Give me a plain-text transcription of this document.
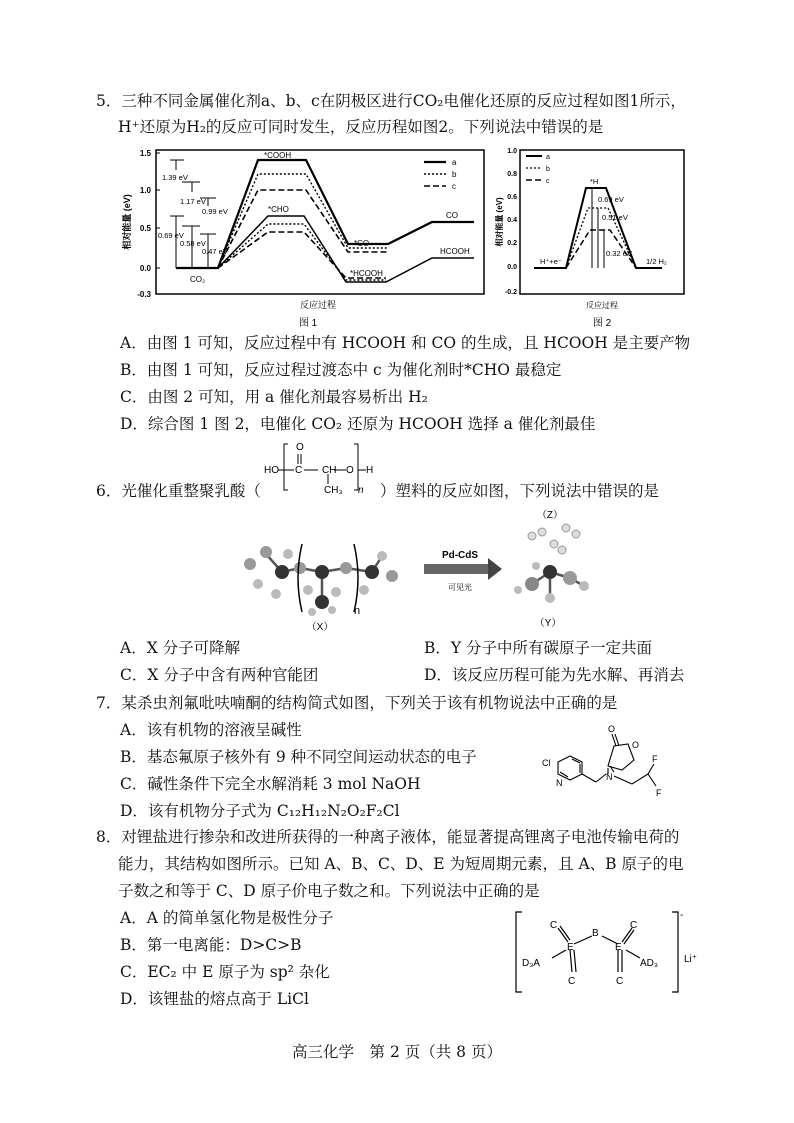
5．三种不同金属催化剂a、b、c在阴极区进行CO₂电催化还原的反应过程如图1所示，
H⁺还原为H₂的反应可同时发生，反应历程如图2。下列说法中错误的是
1.5
1.0
0.5
0.0
-0.3
相对能量 (eV)
1.39 eV
1.17 eV
0.99 eV
0.69 eV
0.58 eV
0.47 eV
*COOH
*CHO
*CO
*HCOOH
CO
HCOOH
CO₂
a
b
c
反应过程
图 1
1.0
0.8
0.6
0.4
0.2
0.0
-0.2
相对能量 (eV)
*H
H⁺+e⁻	1/2 H₂
0.69 eV
0.51 eV
0.32 eV
a
b
c
反应过程
图 2
A．由图 1 可知，反应过程中有 HCOOH 和 CO 的生成，且 HCOOH 是主要产物
B．由图 1 可知，反应过程过渡态中 c 为催化剂时*CHO 最稳定
C．由图 2 可知，用 a 催化剂最容易析出 H₂
D．综合图 1 图 2，电催化 CO₂ 还原为 HCOOH 选择 a 催化剂最佳
6．光催化重整聚乳酸（
HO
O
CH₃
H
n
C CH O
）塑料的反应如图，下列说法中错误的是
n
（X）
Pd-CdS
可见光
（Z）
（Y）
A．X 分子可降解	B．Y 分子中所有碳原子一定共面
C．X 分子中含有两种官能团	D．该反应历程可能为先水解、再消去
7．某杀虫剂氟吡呋喃酮的结构简式如图，下列关于该有机物说法中正确的是
A．该有机物的溶液呈碱性
B．基态氟原子核外有 9 种不同空间运动状态的电子
C．碱性条件下完全水解消耗 3 mol NaOH
D．该有机物分子式为 C₁₂H₁₂N₂O₂F₂Cl
O
O
Cl
N
N
F
F
8．对锂盐进行掺杂和改进所获得的一种离子液体，能显著提高锂离子电池传输电荷的
能力，其结构如图所示。已知 A、B、C、D、E 为短周期元素，且 A、B 原子的电
子数之和等于 C、D 原子价电子数之和。下列说法中正确的是
A．A 的简单氢化物是极性分子
B．第一电离能：D>C>B
C．EC₂ 中 E 原子为 sp² 杂化
D．该锂盐的熔点高于 LiCl
C
E
B
E
C
C	C
D₃A	AD₃
-
Li⁺
高三化学　第 2 页（共 8 页）
